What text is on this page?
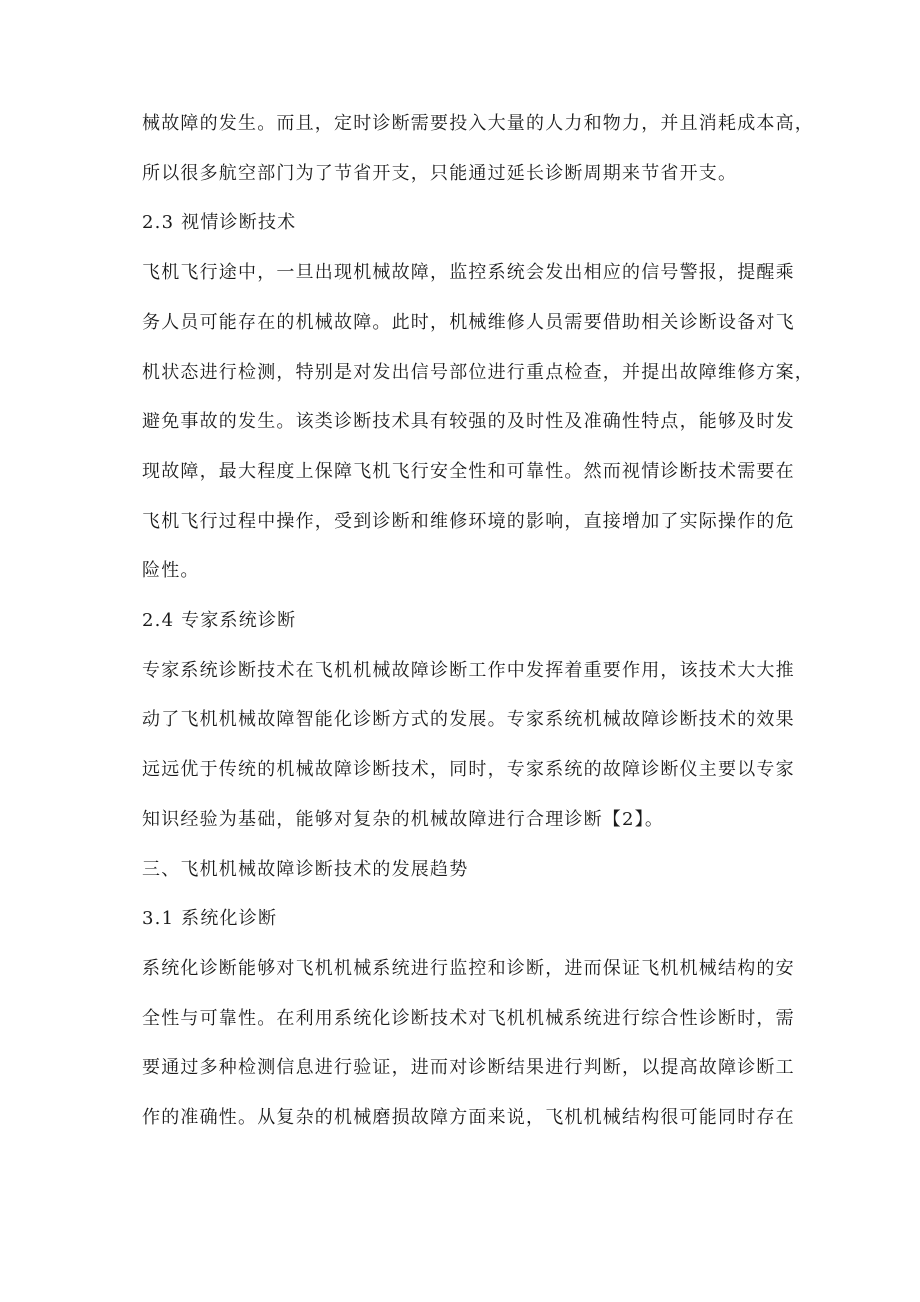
械故障的发生。而且，定时诊断需要投入大量的人力和物力，并且消耗成本高，
所以很多航空部门为了节省开支，只能通过延长诊断周期来节省开支。
2.3 视情诊断技术
飞机飞行途中，一旦出现机械故障，监控系统会发出相应的信号警报，提醒乘
务人员可能存在的机械故障。此时，机械维修人员需要借助相关诊断设备对飞
机状态进行检测，特别是对发出信号部位进行重点检查，并提出故障维修方案，
避免事故的发生。该类诊断技术具有较强的及时性及准确性特点，能够及时发
现故障，最大程度上保障飞机飞行安全性和可靠性。然而视情诊断技术需要在
飞机飞行过程中操作，受到诊断和维修环境的影响，直接增加了实际操作的危
险性。
2.4 专家系统诊断
专家系统诊断技术在飞机机械故障诊断工作中发挥着重要作用，该技术大大推
动了飞机机械故障智能化诊断方式的发展。专家系统机械故障诊断技术的效果
远远优于传统的机械故障诊断技术，同时，专家系统的故障诊断仪主要以专家
知识经验为基础，能够对复杂的机械故障进行合理诊断【2】。
三、飞机机械故障诊断技术的发展趋势
3.1 系统化诊断
系统化诊断能够对飞机机械系统进行监控和诊断，进而保证飞机机械结构的安
全性与可靠性。在利用系统化诊断技术对飞机机械系统进行综合性诊断时，需
要通过多种检测信息进行验证，进而对诊断结果进行判断，以提高故障诊断工
作的准确性。从复杂的机械磨损故障方面来说，飞机机械结构很可能同时存在
